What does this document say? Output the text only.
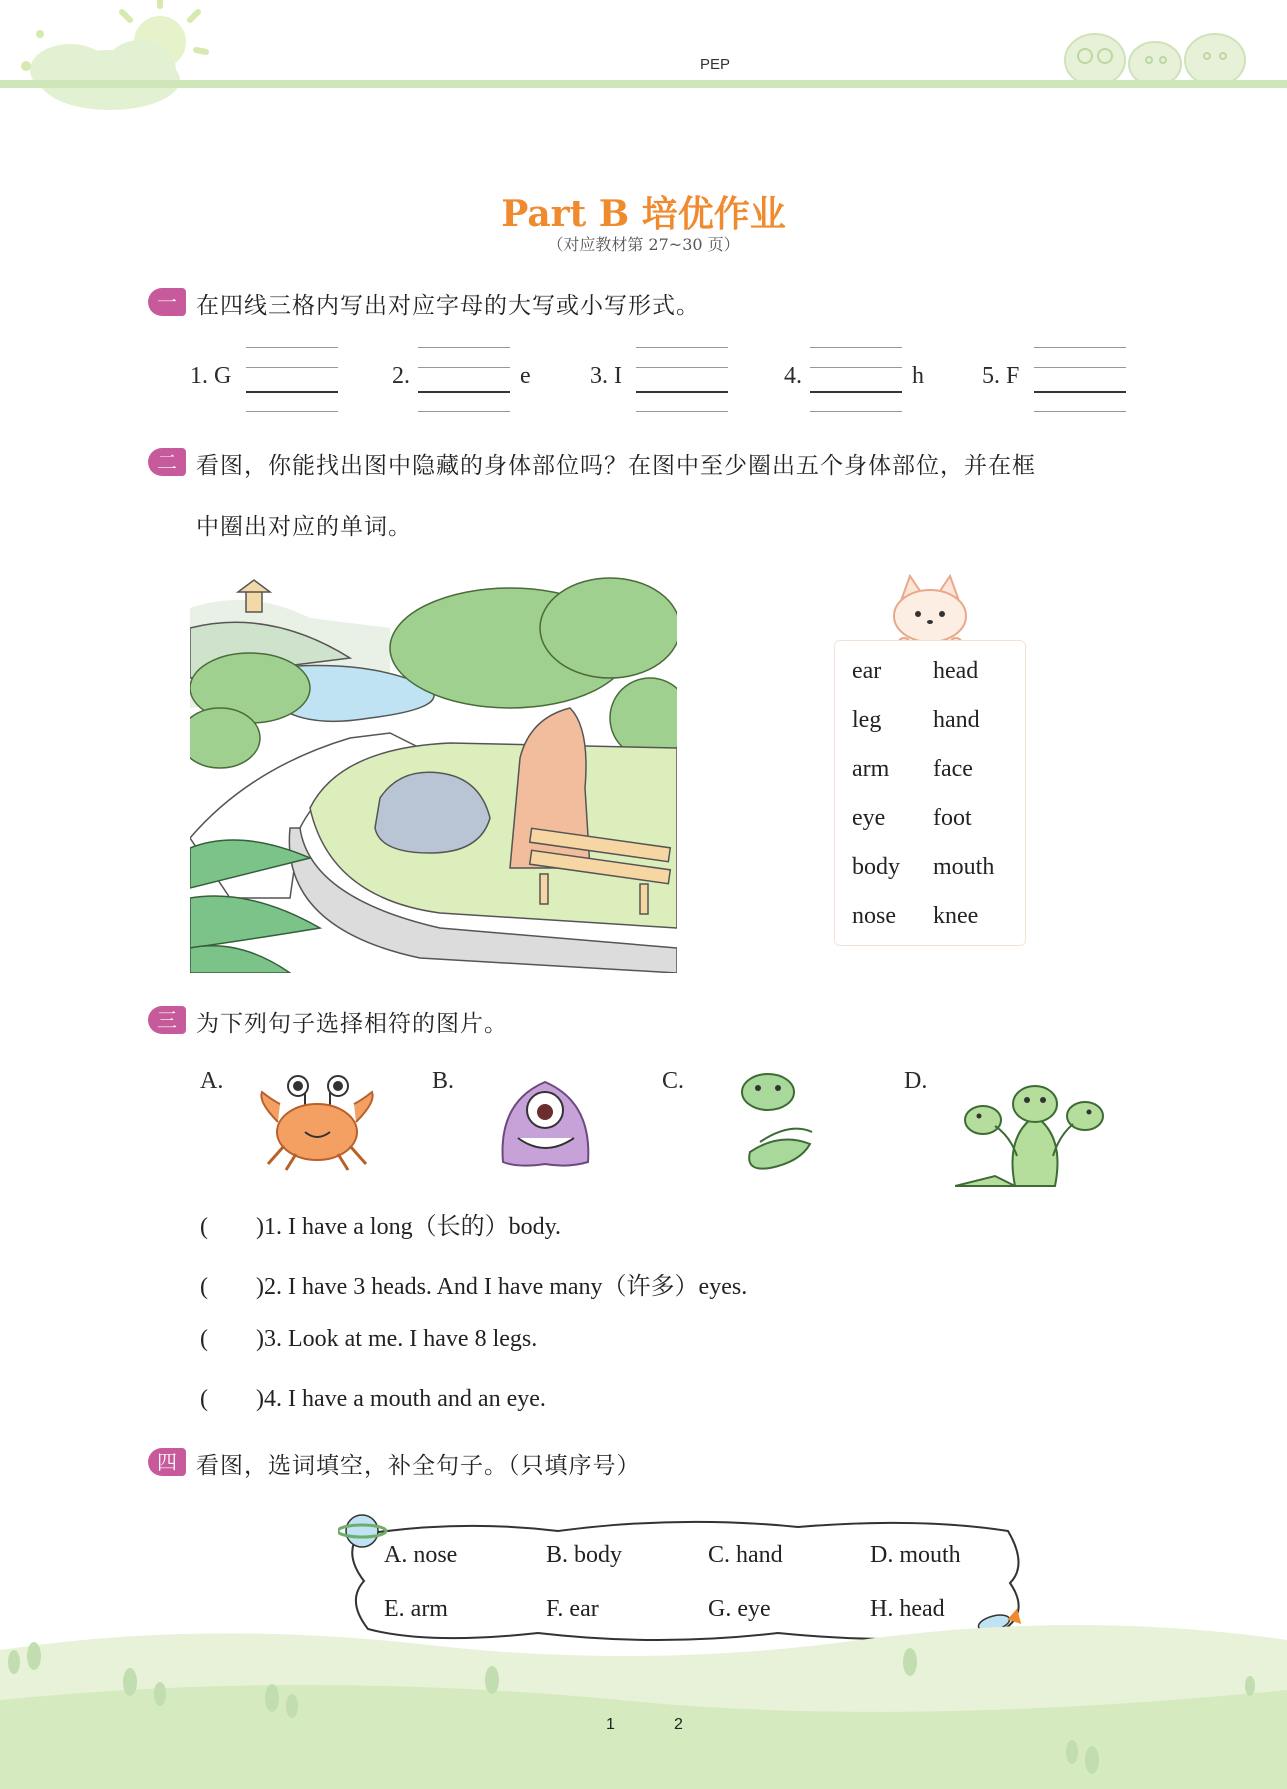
PEP
Part B 培优作业
（对应教材第 27~30 页）
一 在四线三格内写出对应字母的大写或小写形式。
1. G	2.	e 3. I	4.	h 5. F
二 看图，你能找出图中隐藏的身体部位吗？在图中至少圈出五个身体部位，并在框
中圈出对应的单词。
ear head
leg hand
arm face
eye foot
body mouth
nose knee
三 为下列句子选择相符的图片。
A.	B.	C.	D.
(        )1. I have a long（长的）body.
(        )2. I have 3 heads. And I have many（许多）eyes.
(        )3. Look at me. I have 8 legs.
(        )4. I have a mouth and an eye.
四 看图，选词填空，补全句子。（只填序号）
A. nose	B. body	C. hand	D. mouth
E. arm	F. ear	G. eye	H. head
1	2
